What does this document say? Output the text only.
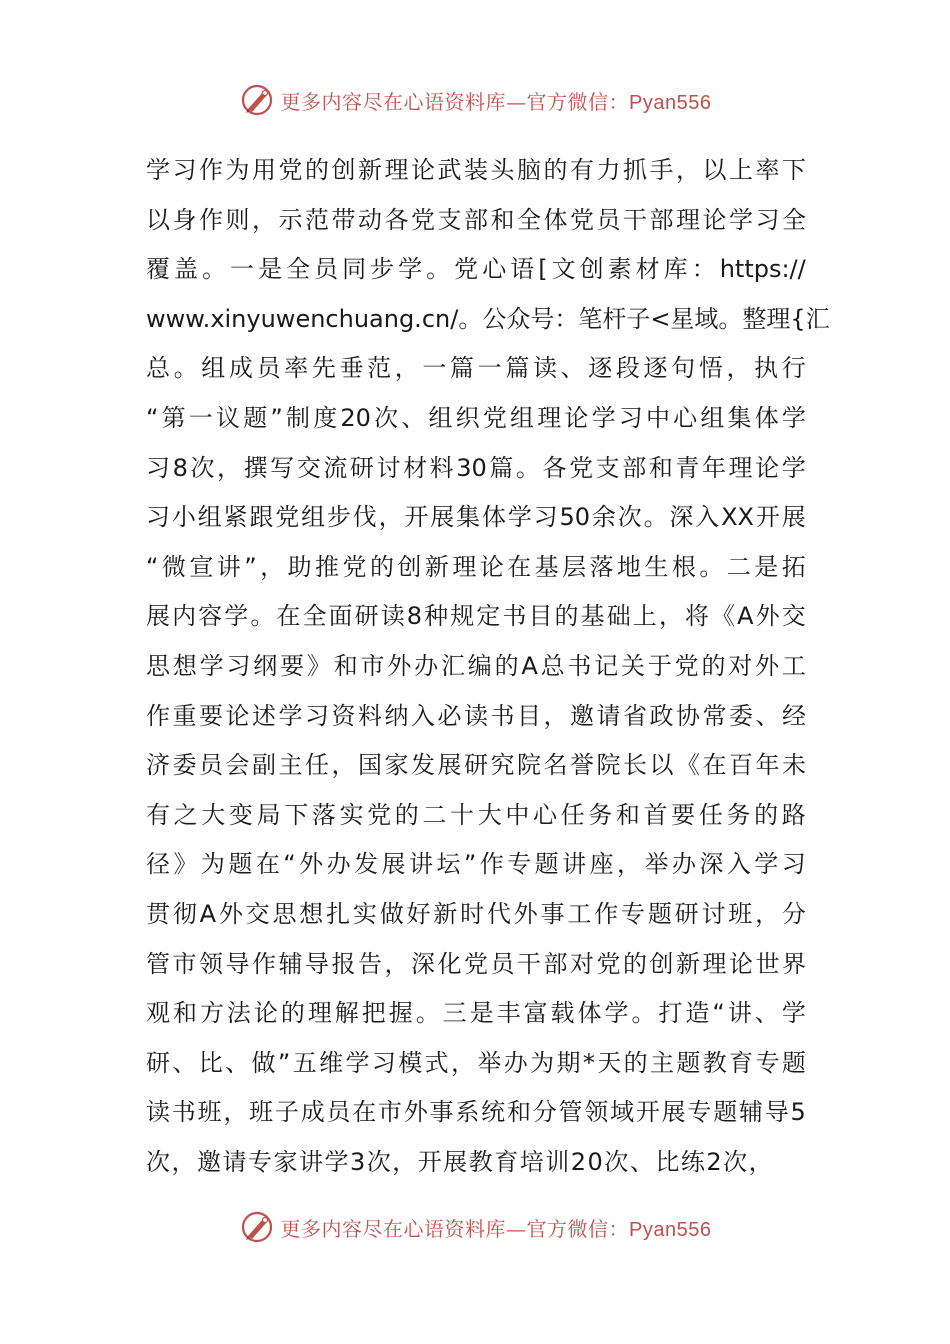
更多内容尽在心语资料库—官方微信：Pyan556
学 习 作 为 用 党 的 创 新 理 论 武 装 头 脑 的 有 力 抓 手 ， 以 上 率 下
以 身 作 则 ， 示 范 带 动 各 党 支 部 和 全 体 党 员 干 部 理 论 学 习 全
覆 盖 。 一 是 全 员 同 步 学 。 党 心 语 [ 文 创 素 材 库 ： https://
www.xinyuwenchuang.cn/ 。 公 众 号 ： 笔 杆 子 < 星 域 。 整 理 { 汇
总 。 组 成 员 率 先 垂 范 ， 一 篇 一 篇 读 、 逐 段 逐 句 悟 ， 执 行
“ 第 一 议 题 ” 制 度 20 次 、 组 织 党 组 理 论 学 习 中 心 组 集 体 学
习 8 次 ， 撰 写 交 流 研 讨 材 料 30 篇 。 各 党 支 部 和 青 年 理 论 学
习 小 组 紧 跟 党 组 步 伐 ， 开 展 集 体 学 习 50 余 次 。 深 入 XX 开 展
“ 微 宣 讲 ” ， 助 推 党 的 创 新 理 论 在 基 层 落 地 生 根 。 二 是 拓
展 内 容 学 。 在 全 面 研 读 8 种 规 定 书 目 的 基 础 上 ， 将 《 A 外 交
思 想 学 习 纲 要 》 和 市 外 办 汇 编 的 A 总 书 记 关 于 党 的 对 外 工
作 重 要 论 述 学 习 资 料 纳 入 必 读 书 目 ， 邀 请 省 政 协 常 委 、 经
济 委 员 会 副 主 任 ， 国 家 发 展 研 究 院 名 誉 院 长 以 《 在 百 年 未
有 之 大 变 局 下 落 实 党 的 二 十 大 中 心 任 务 和 首 要 任 务 的 路
径 》 为 题 在 “ 外 办 发 展 讲 坛 ” 作 专 题 讲 座 ， 举 办 深 入 学 习
贯 彻 A 外 交 思 想 扎 实 做 好 新 时 代 外 事 工 作 专 题 研 讨 班 ， 分
管 市 领 导 作 辅 导 报 告 ， 深 化 党 员 干 部 对 党 的 创 新 理 论 世 界
观 和 方 法 论 的 理 解 把 握 。 三 是 丰 富 载 体 学 。 打 造 “ 讲 、 学
研 、 比 、 做 ” 五 维 学 习 模 式 ， 举 办 为 期 * 天 的 主 题 教 育 专 题
读 书 班 ， 班 子 成 员 在 市 外 事 系 统 和 分 管 领 域 开 展 专 题 辅 导 5
次 ， 邀 请 专 家 讲 学 3 次 ， 开 展 教 育 培 训 20 次 、 比 练 2 次 ，
更多内容尽在心语资料库—官方微信：Pyan556
